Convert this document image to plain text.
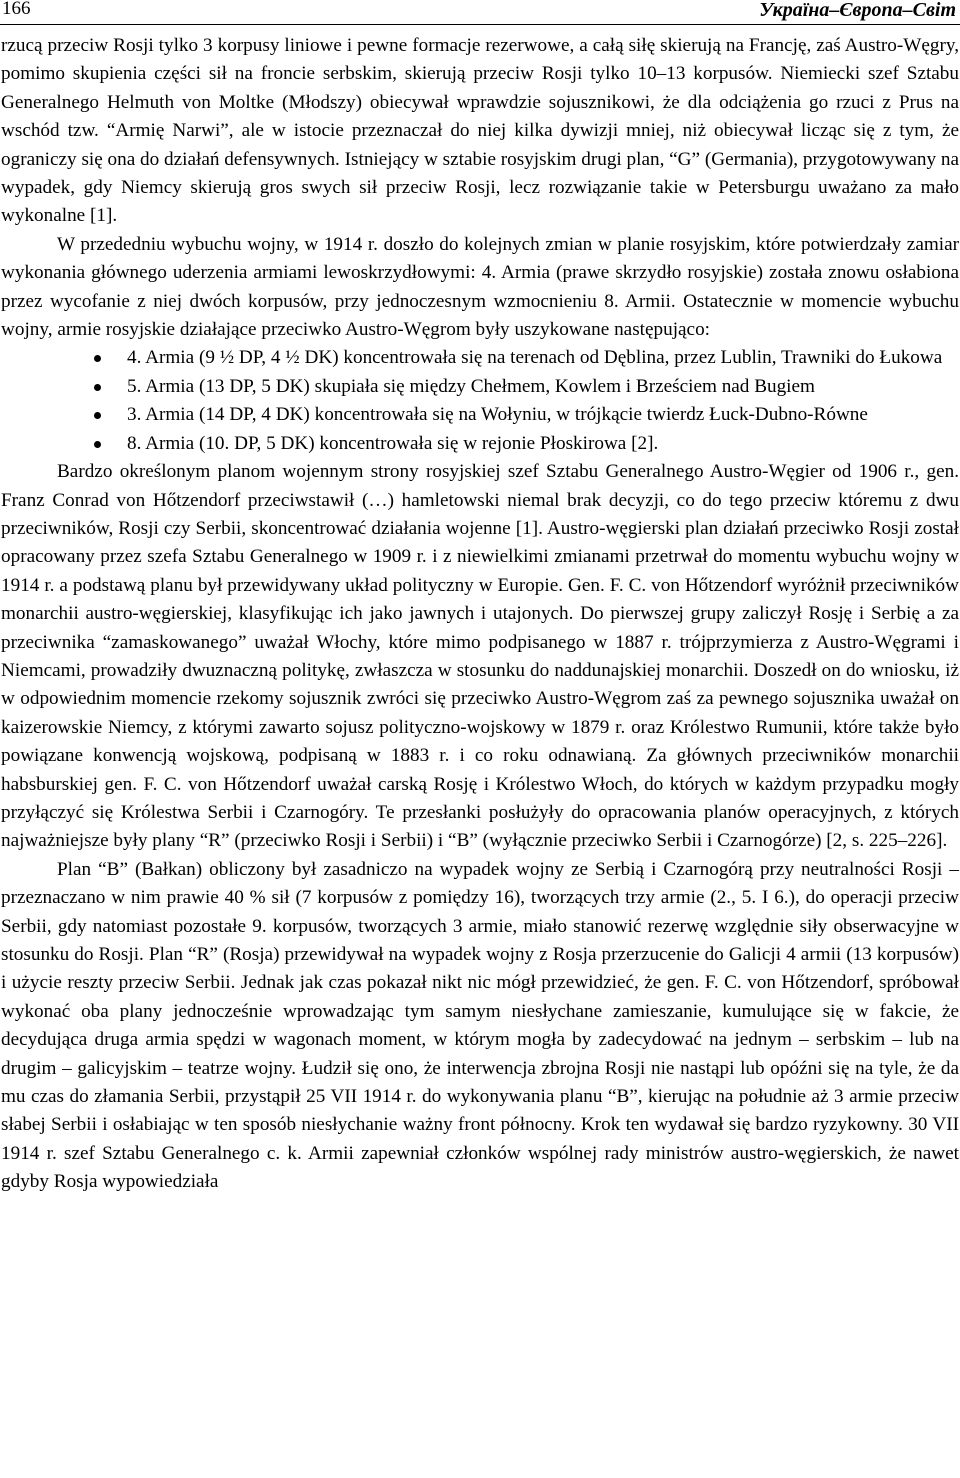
166	Україна–Європа–Світ

rzucą przeciw Rosji tylko 3 korpusy liniowe i pewne formacje rezerwowe, a całą siłę skierują na Francję, zaś Austro-Węgry, pomimo skupienia części sił na froncie serbskim, skierują przeciw Rosji tylko 10–13 korpusów. Niemiecki szef Sztabu Generalnego Helmuth von Moltke (Młodszy) obiecywał wprawdzie sojusznikowi, że dla odciążenia go rzuci z Prus na wschód tzw. “Armię Narwi”, ale w istocie przeznaczał do niej kilka dywizji mniej, niż obiecywał licząc się z tym, że ograniczy się ona do działań defensywnych. Istniejący w sztabie rosyjskim drugi plan, “G” (Germania), przygotowywany na wypadek, gdy Niemcy skierują gros swych sił przeciw Rosji, lecz rozwiązanie takie w Petersburgu uważano za mało wykonalne [1].

W przededniu wybuchu wojny, w 1914 r. doszło do kolejnych zmian w planie rosyjskim, które potwierdzały zamiar wykonania głównego uderzenia armiami lewoskrzydłowymi: 4. Armia (prawe skrzydło rosyjskie) została znowu osłabiona przez wycofanie z niej dwóch korpusów, przy jednoczesnym wzmocnieniu 8. Armii. Ostatecznie w momencie wybuchu wojny, armie rosyjskie działające przeciwko Austro-Węgrom były uszykowane następująco:

4. Armia (9 ½ DP, 4 ½ DK) koncentrowała się na terenach od Dęblina, przez Lublin, Trawniki do Łukowa
5. Armia (13 DP, 5 DK) skupiała się między Chełmem, Kowlem i Brześciem nad Bugiem
3. Armia (14 DP, 4 DK) koncentrowała się na Wołyniu, w trójkącie twierdz Łuck-Dubno-Równe
8. Armia (10. DP, 5 DK) koncentrowała się w rejonie Płoskirowa [2].

Bardzo określonym planom wojennym strony rosyjskiej szef Sztabu Generalnego Austro-Węgier od 1906 r., gen. Franz Conrad von Hőtzendorf przeciwstawił (…) hamletowski niemal brak decyzji, co do tego przeciw któremu z dwu przeciwników, Rosji czy Serbii, skoncentrować działania wojenne [1]. Austro-węgierski plan działań przeciwko Rosji został opracowany przez szefa Sztabu Generalnego w 1909 r. i z niewielkimi zmianami przetrwał do momentu wybuchu wojny w 1914 r. a podstawą planu był przewidywany układ polityczny w Europie. Gen. F. C. von Hőtzendorf wyróżnił przeciwników monarchii austro-węgierskiej, klasyfikując ich jako jawnych i utajonych. Do pierwszej grupy zaliczył Rosję i Serbię a za przeciwnika “zamaskowanego” uważał Włochy, które mimo podpisanego w 1887 r. trójprzymierza z Austro-Węgrami i Niemcami, prowadziły dwuznaczną politykę, zwłaszcza w stosunku do naddunajskiej monarchii. Doszedł on do wniosku, iż w odpowiednim momencie rzekomy sojusznik zwróci się przeciwko Austro-Węgrom zaś za pewnego sojusznika uważał on kaizerowskie Niemcy, z którymi zawarto sojusz polityczno-wojskowy w 1879 r. oraz Królestwo Rumunii, które także było powiązane konwencją wojskową, podpisaną w 1883 r. i co roku odnawianą. Za głównych przeciwników monarchii habsburskiej gen. F. C. von Hőtzendorf uważał carską Rosję i Królestwo Włoch, do których w każdym przypadku mogły przyłączyć się Królestwa Serbii i Czarnogóry. Te przesłanki posłużyły do opracowania planów operacyjnych, z których najważniejsze były plany “R” (przeciwko Rosji i Serbii) i “B” (wyłącznie przeciwko Serbii i Czarnogórze) [2, s. 225–226].

Plan “B” (Bałkan) obliczony był zasadniczo na wypadek wojny ze Serbią i Czarnogórą przy neutralności Rosji – przeznaczano w nim prawie 40 % sił (7 korpusów z pomiędzy 16), tworzących trzy armie (2., 5. I 6.), do operacji przeciw Serbii, gdy natomiast pozostałe 9. korpusów, tworzących 3 armie, miało stanowić rezerwę względnie siły obserwacyjne w stosunku do Rosji. Plan “R” (Rosja) przewidywał na wypadek wojny z Rosja przerzucenie do Galicji 4 armii (13 korpusów) i użycie reszty przeciw Serbii. Jednak jak czas pokazał nikt nic mógł przewidzieć, że gen. F. C. von Hőtzendorf, spróbował wykonać oba plany jednocześnie wprowadzając tym samym niesłychane zamieszanie, kumulujące się w fakcie, że decydująca druga armia spędzi w wagonach moment, w którym mogła by zadecydować na jednym – serbskim – lub na drugim – galicyjskim – teatrze wojny. Łudził się ono, że interwencja zbrojna Rosji nie nastąpi lub opóźni się na tyle, że da mu czas do złamania Serbii, przystąpił 25 VII 1914 r. do wykonywania planu “B”, kierując na południe aż 3 armie przeciw słabej Serbii i osłabiając w ten sposób niesłychanie ważny front północny. Krok ten wydawał się bardzo ryzykowny. 30 VII 1914 r. szef Sztabu Generalnego c. k. Armii zapewniał członków wspólnej rady ministrów austro-węgierskich, że nawet gdyby Rosja wypowiedziała
